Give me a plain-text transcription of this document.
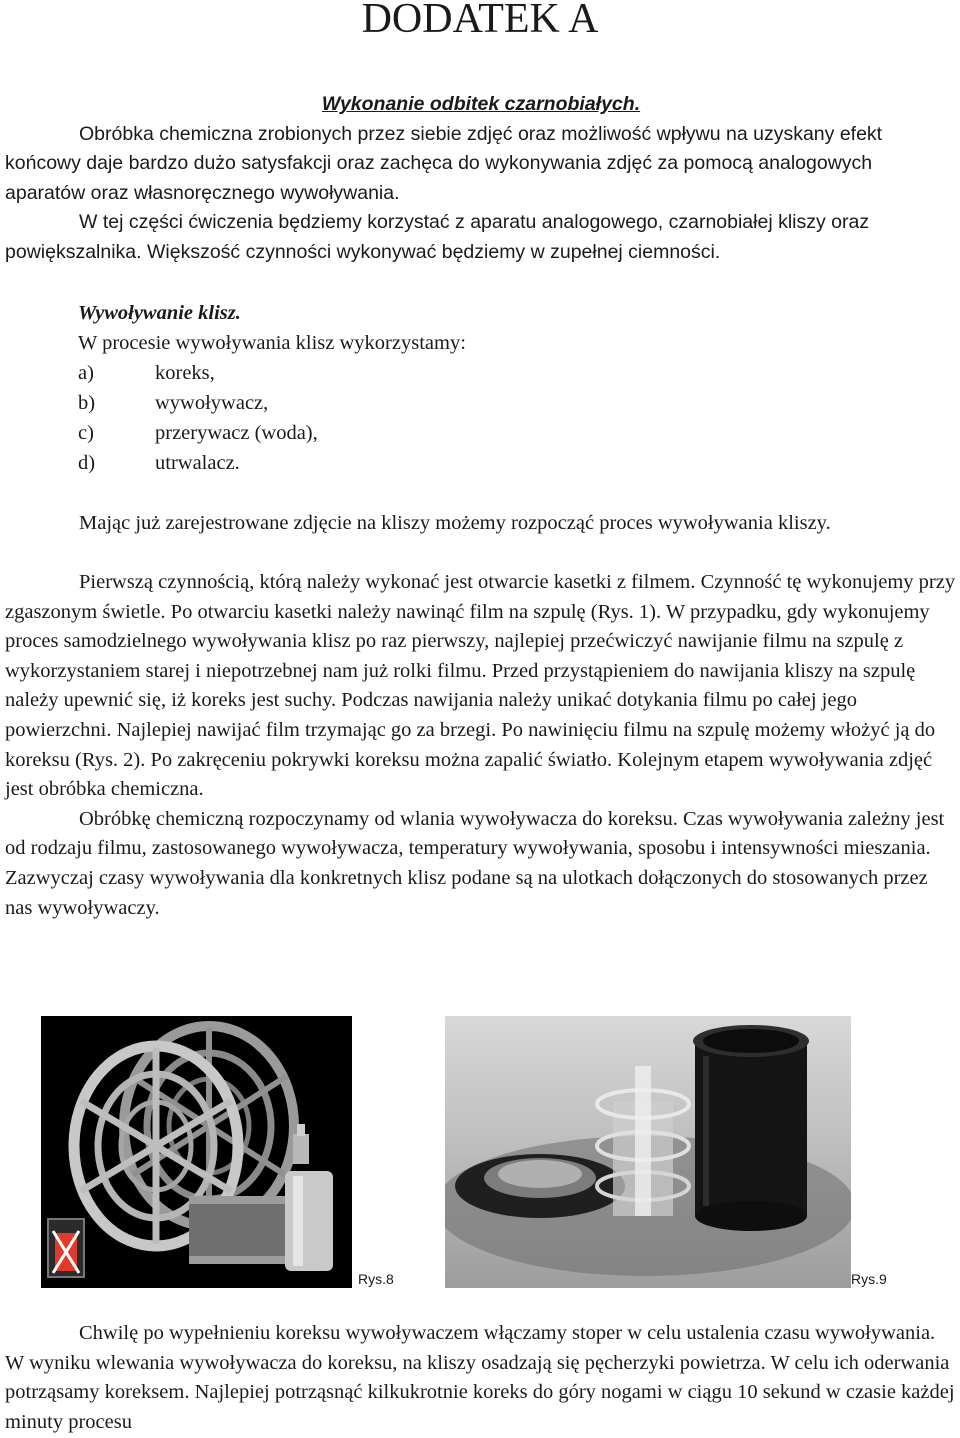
DODATEK A
Wykonanie odbitek czarnobiałych.

Obróbka chemiczna zrobionych przez siebie zdjęć oraz możliwość wpływu na uzyskany efekt końcowy daje bardzo dużo satysfakcji oraz zachęca do wykonywania zdjęć za pomocą analogowych aparatów oraz własnoręcznego wywoływania.

W tej części ćwiczenia będziemy korzystać z aparatu analogowego, czarnobiałej kliszy oraz powiększalnika. Większość czynności wykonywać będziemy w zupełnej ciemności.

Wywoływanie klisz.
W procesie wywoływania klisz wykorzystamy:
a)	koreks,
b)	wywoływacz,
c)	przerywacz (woda),
d)	utrwalacz.

Mając już zarejestrowane zdjęcie na kliszy możemy rozpocząć proces wywoływania kliszy.

Pierwszą czynnością, którą należy wykonać jest otwarcie kasetki z filmem. Czynność tę wykonujemy przy zgaszonym świetle. Po otwarciu kasetki należy nawinąć film na szpulę (Rys. 1). W przypadku, gdy wykonujemy proces samodzielnego wywoływania klisz po raz pierwszy, najlepiej przećwiczyć nawijanie filmu na szpulę z wykorzystaniem starej i niepotrzebnej nam już rolki filmu. Przed przystąpieniem do nawijania kliszy na szpulę należy upewnić się, iż koreks jest suchy. Podczas nawijania należy unikać dotykania filmu po całej jego powierzchni. Najlepiej nawijać film trzymając go za brzegi. Po nawinięciu filmu na szpulę możemy włożyć ją do koreksu (Rys. 2). Po zakręceniu pokrywki koreksu można zapalić światło. Kolejnym etapem wywoływania zdjęć jest obróbka chemiczna.

Obróbkę chemiczną rozpoczynamy od wlania wywoływacza do koreksu. Czas wywoływania zależny jest od rodzaju filmu, zastosowanego wywoływacza, temperatury wywoływania, sposobu i intensywności mieszania. Zazwyczaj czasy wywoływania dla konkretnych klisz podane są na ulotkach dołączonych do stosowanych przez nas wywoływaczy.

Rys.8	Rys.9

Chwilę po wypełnieniu koreksu wywoływaczem włączamy stoper w celu ustalenia czasu wywoływania. W wyniku wlewania wywoływacza do koreksu, na kliszy osadzają się pęcherzyki powietrza. W celu ich oderwania potrząsamy koreksem. Najlepiej potrząsnąć kilkukrotnie koreks do góry nogami w ciągu 10 sekund w czasie każdej minuty procesu
